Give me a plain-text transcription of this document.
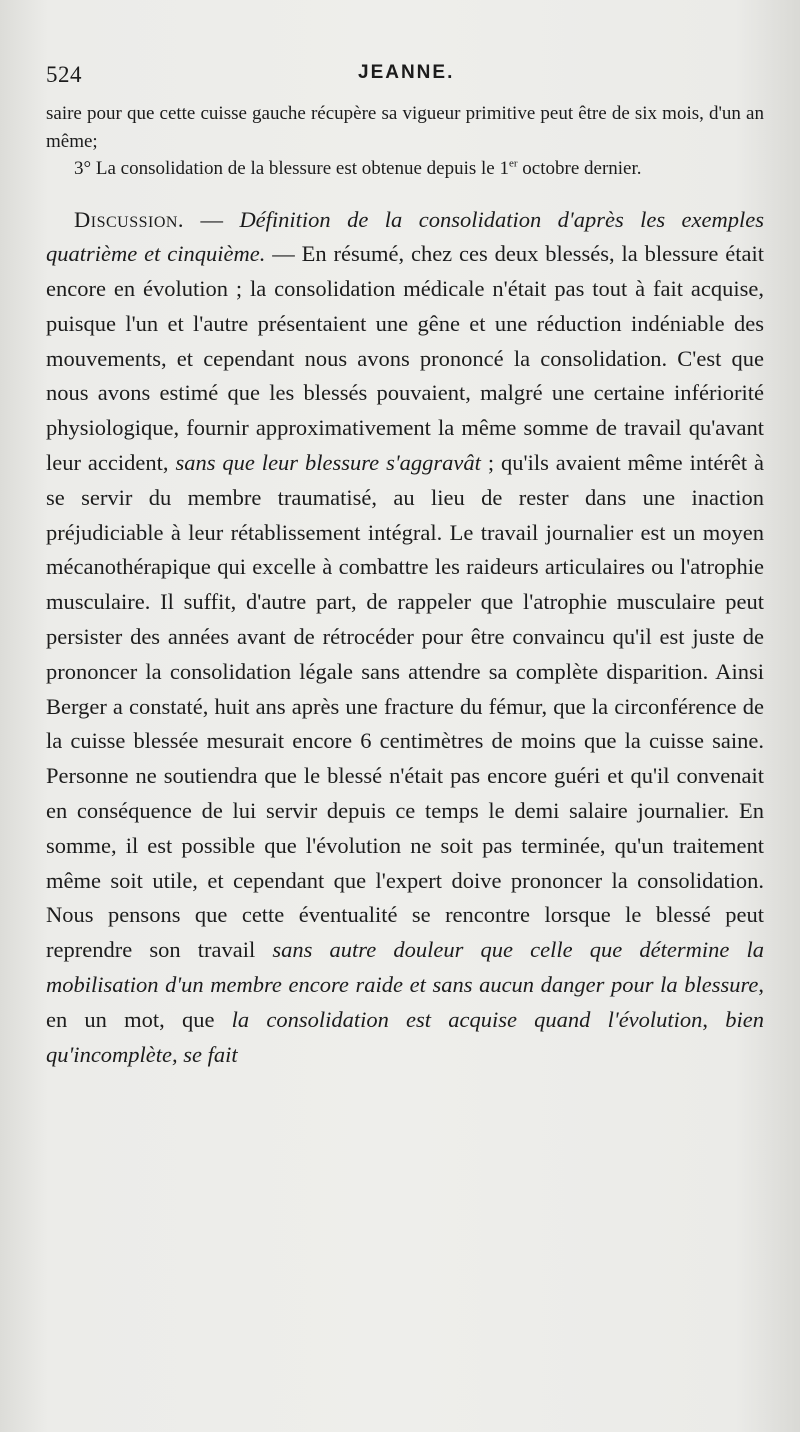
524	JEANNE.

saire pour que cette cuisse gauche récupère sa vigueur primitive peut être de six mois, d'un an même;

3° La consolidation de la blessure est obtenue depuis le 1er octobre dernier.

Discussion. — Définition de la consolidation d'après les exemples quatrième et cinquième. — En résumé, chez ces deux blessés, la blessure était encore en évolution ; la consolidation médicale n'était pas tout à fait acquise, puisque l'un et l'autre présentaient une gêne et une réduction indéniable des mouvements, et cependant nous avons prononcé la consolidation. C'est que nous avons estimé que les blessés pouvaient, malgré une certaine infériorité physiologique, fournir approximativement la même somme de travail qu'avant leur accident, sans que leur blessure s'aggravât ; qu'ils avaient même intérêt à se servir du membre traumatisé, au lieu de rester dans une inaction préjudiciable à leur rétablissement intégral. Le travail journalier est un moyen mécanothérapique qui excelle à combattre les raideurs articulaires ou l'atrophie musculaire. Il suffit, d'autre part, de rappeler que l'atrophie musculaire peut persister des années avant de rétrocéder pour être convaincu qu'il est juste de prononcer la consolidation légale sans attendre sa complète disparition. Ainsi Berger a constaté, huit ans après une fracture du fémur, que la circonférence de la cuisse blessée mesurait encore 6 centimètres de moins que la cuisse saine. Personne ne soutiendra que le blessé n'était pas encore guéri et qu'il convenait en conséquence de lui servir depuis ce temps le demi salaire journalier. En somme, il est possible que l'évolution ne soit pas terminée, qu'un traitement même soit utile, et cependant que l'expert doive prononcer la consolidation. Nous pensons que cette éventualité se rencontre lorsque le blessé peut reprendre son travail sans autre douleur que celle que détermine la mobilisation d'un membre encore raide et sans aucun danger pour la blessure, en un mot, que la consolidation est acquise quand l'évolution, bien qu'incomplète, se fait
